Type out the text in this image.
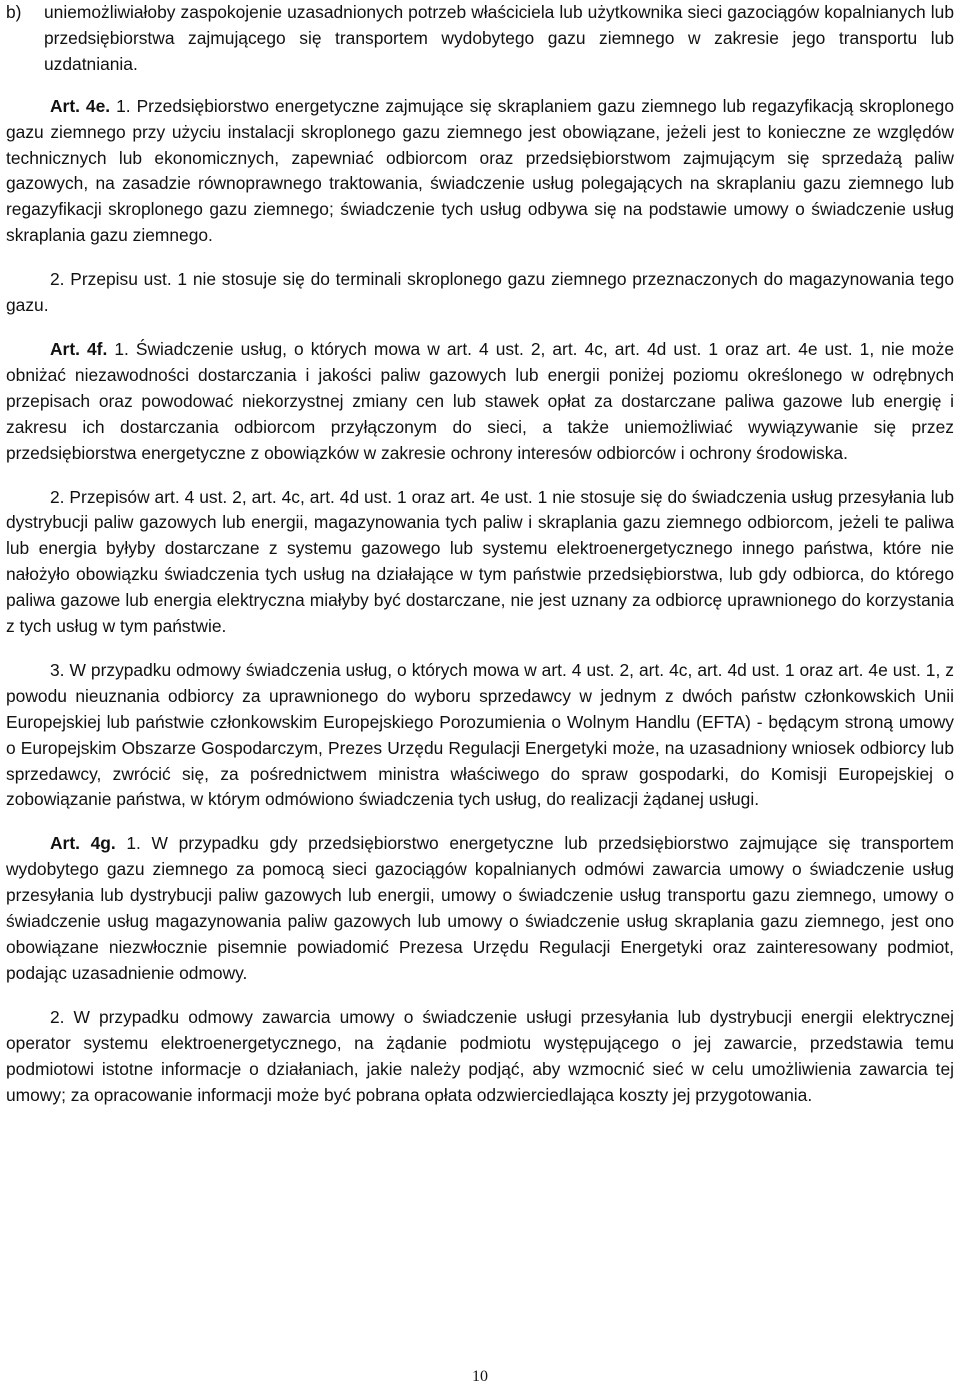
b)	uniemożliwiałoby zaspokojenie uzasadnionych potrzeb właściciela lub użytkownika sieci gazociągów kopalnianych lub przedsiębiorstwa zajmującego się transportem wydobytego gazu ziemnego w zakresie jego transportu lub uzdatniania.

Art. 4e. 1. Przedsiębiorstwo energetyczne zajmujące się skraplaniem gazu ziemnego lub regazyfikacją skroplonego gazu ziemnego przy użyciu instalacji skroplonego gazu ziemnego jest obowiązane, jeżeli jest to konieczne ze względów technicznych lub ekonomicznych, zapewniać odbiorcom oraz przedsiębiorstwom zajmującym się sprzedażą paliw gazowych, na zasadzie równoprawnego traktowania, świadczenie usług polegających na skraplaniu gazu ziemnego lub regazyfikacji skroplonego gazu ziemnego; świadczenie tych usług odbywa się na podstawie umowy o świadczenie usług skraplania gazu ziemnego.

2. Przepisu ust. 1 nie stosuje się do terminali skroplonego gazu ziemnego przeznaczonych do magazynowania tego gazu.

Art. 4f. 1. Świadczenie usług, o których mowa w art. 4 ust. 2, art. 4c, art. 4d ust. 1 oraz art. 4e ust. 1, nie może obniżać niezawodności dostarczania i jakości paliw gazowych lub energii poniżej poziomu określonego w odrębnych przepisach oraz powodować niekorzystnej zmiany cen lub stawek opłat za dostarczane paliwa gazowe lub energię i zakresu ich dostarczania odbiorcom przyłączonym do sieci, a także uniemożliwiać wywiązywanie się przez przedsiębiorstwa energetyczne z obowiązków w zakresie ochrony interesów odbiorców i ochrony środowiska.

2. Przepisów art. 4 ust. 2, art. 4c, art. 4d ust. 1 oraz art. 4e ust. 1 nie stosuje się do świadczenia usług przesyłania lub dystrybucji paliw gazowych lub energii, magazynowania tych paliw i skraplania gazu ziemnego odbiorcom, jeżeli te paliwa lub energia byłyby dostarczane z systemu gazowego lub systemu elektroenergetycznego innego państwa, które nie nałożyło obowiązku świadczenia tych usług na działające w tym państwie przedsiębiorstwa, lub gdy odbiorca, do którego paliwa gazowe lub energia elektryczna miałyby być dostarczane, nie jest uznany za odbiorcę uprawnionego do korzystania z tych usług w tym państwie.

3. W przypadku odmowy świadczenia usług, o których mowa w art. 4 ust. 2, art. 4c, art. 4d ust. 1 oraz art. 4e ust. 1, z powodu nieuznania odbiorcy za uprawnionego do wyboru sprzedawcy w jednym z dwóch państw członkowskich Unii Europejskiej lub państwie członkowskim Europejskiego Porozumienia o Wolnym Handlu (EFTA) - będącym stroną umowy o Europejskim Obszarze Gospodarczym, Prezes Urzędu Regulacji Energetyki może, na uzasadniony wniosek odbiorcy lub sprzedawcy, zwrócić się, za pośrednictwem ministra właściwego do spraw gospodarki, do Komisji Europejskiej o zobowiązanie państwa, w którym odmówiono świadczenia tych usług, do realizacji żądanej usługi.

Art. 4g. 1. W przypadku gdy przedsiębiorstwo energetyczne lub przedsiębiorstwo zajmujące się transportem wydobytego gazu ziemnego za pomocą sieci gazociągów kopalnianych odmówi zawarcia umowy o świadczenie usług przesyłania lub dystrybucji paliw gazowych lub energii, umowy o świadczenie usług transportu gazu ziemnego, umowy o świadczenie usług magazynowania paliw gazowych lub umowy o świadczenie usług skraplania gazu ziemnego, jest ono obowiązane niezwłocznie pisemnie powiadomić Prezesa Urzędu Regulacji Energetyki oraz zainteresowany podmiot, podając uzasadnienie odmowy.

2. W przypadku odmowy zawarcia umowy o świadczenie usługi przesyłania lub dystrybucji energii elektrycznej operator systemu elektroenergetycznego, na żądanie podmiotu występującego o jej zawarcie, przedstawia temu podmiotowi istotne informacje o działaniach, jakie należy podjąć, aby wzmocnić sieć w celu umożliwienia zawarcia tej umowy; za opracowanie informacji może być pobrana opłata odzwierciedlająca koszty jej przygotowania.

10
